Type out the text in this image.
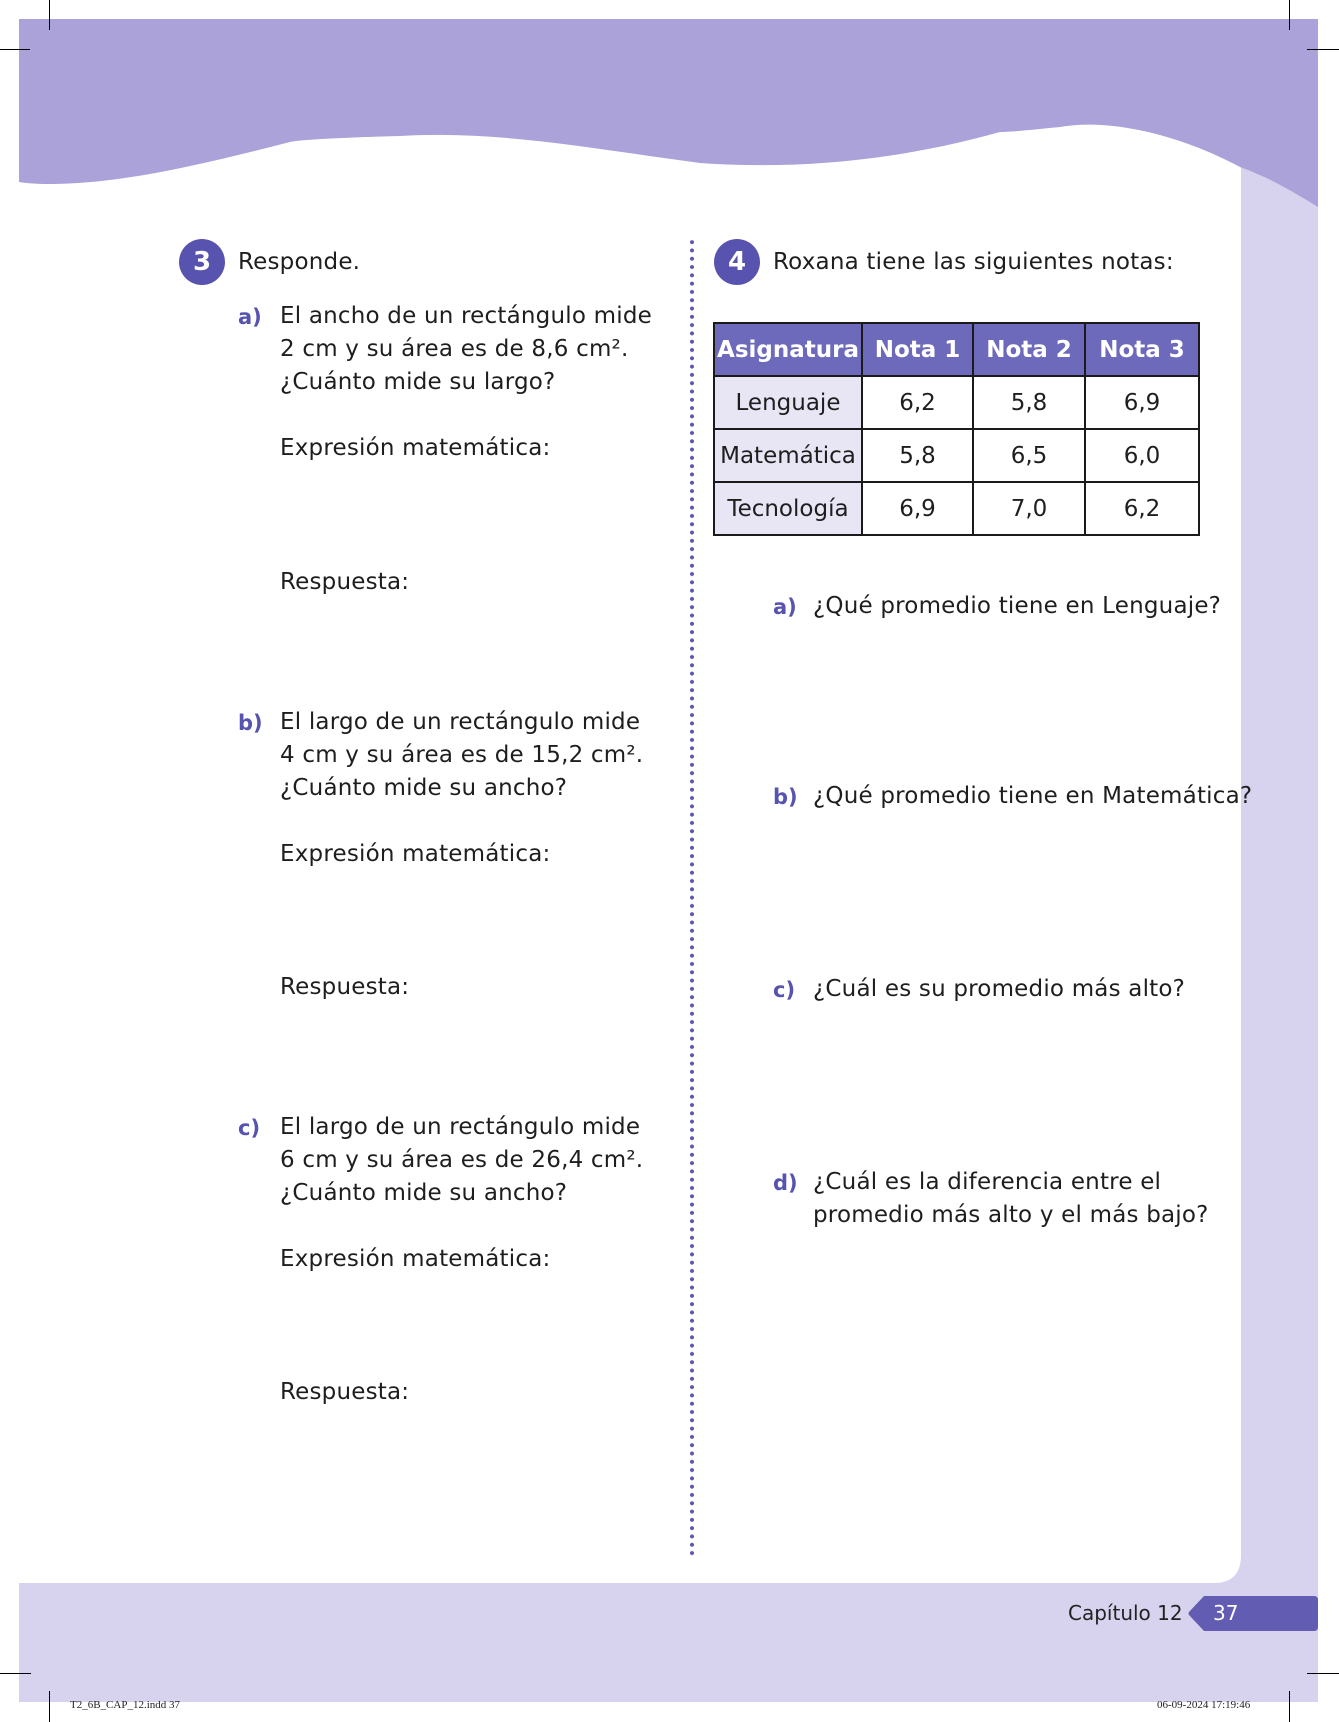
3	Responde.
a) El ancho de un rectángulo mide
2 cm y su área es de 8,6 cm².
¿Cuánto mide su largo?
Expresión matemática:
Respuesta:
b) El largo de un rectángulo mide
4 cm y su área es de 15,2 cm².
¿Cuánto mide su ancho?
Expresión matemática:
Respuesta:
c) El largo de un rectángulo mide
6 cm y su área es de 26,4 cm².
¿Cuánto mide su ancho?
Expresión matemática:
Respuesta:
4	Roxana tiene las siguientes notas:
Asignatura	Nota 1	Nota 2	Nota 3
Lenguaje	6,2	5,8	6,9
Matemática	5,8	6,5	6,0
Tecnología	6,9	7,0	6,2
a) ¿Qué promedio tiene en Lenguaje?
b) ¿Qué promedio tiene en Matemática?
c) ¿Cuál es su promedio más alto?
d) ¿Cuál es la diferencia entre el
promedio más alto y el más bajo?
Capítulo 12 37
T2_6B_CAP_12.indd 37	06-09-2024 17:19:46
